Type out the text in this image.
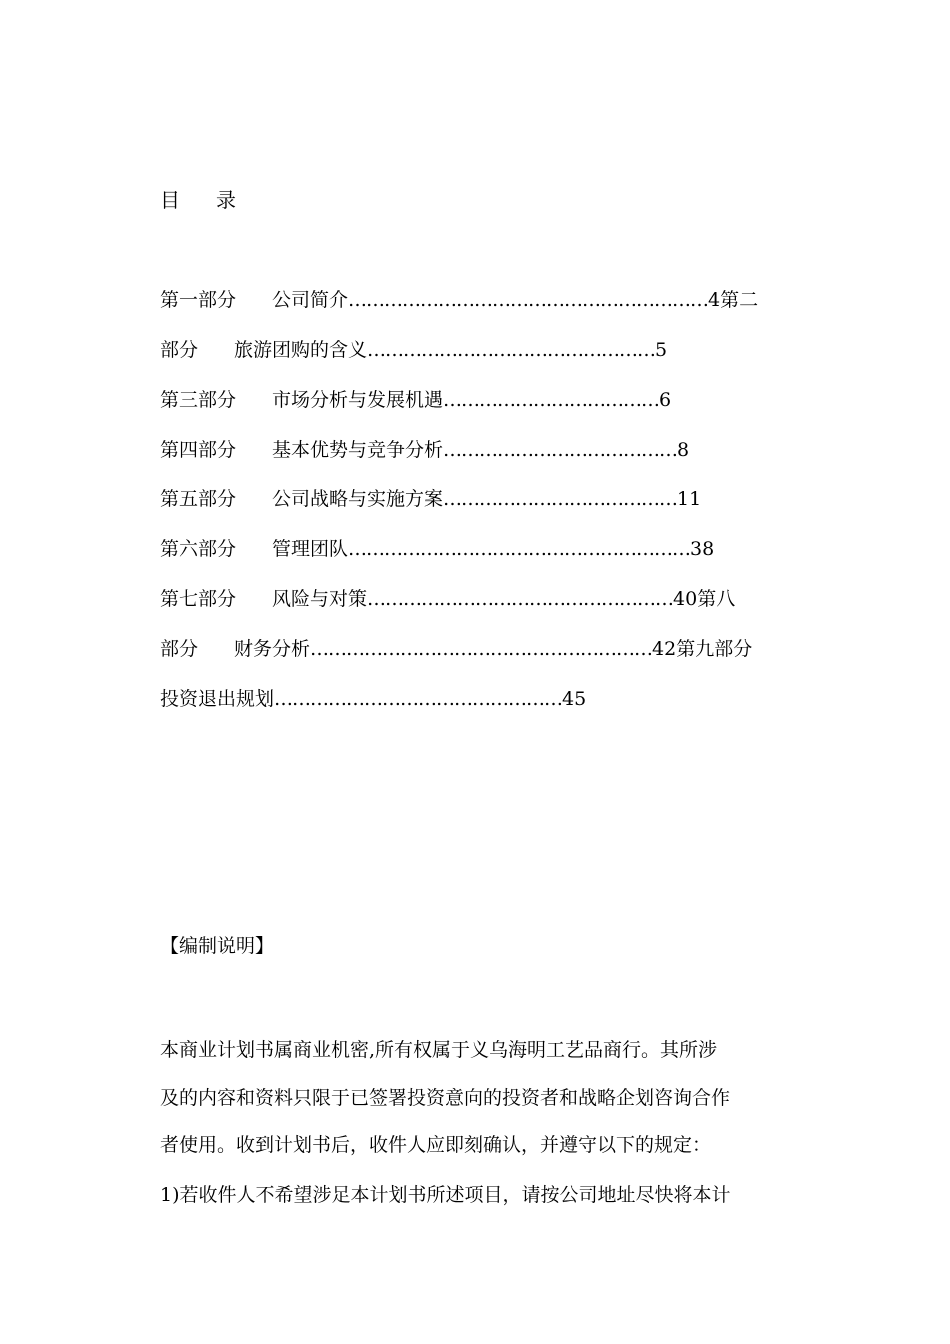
目 录
第一部分 公司简介……………………………………………………4第二
部分 旅游团购的含义…………………………………………5
第三部分 市场分析与发展机遇………………………………6
第四部分 基本优势与竞争分析…………………………………8
第五部分 公司战略与实施方案…………………………………11
第六部分 管理团队…………………………………………………38
第七部分 风险与对策……………………………………………40第八
部分 财务分析…………………………………………………42第九部分
投资退出规划…………………………………………45
【编制说明】
本商业计划书属商业机密,所有权属于义乌海明工艺品商行。其所涉
及的内容和资料只限于已签署投资意向的投资者和战略企划咨询合作
者使用。收到计划书后，收件人应即刻确认，并遵守以下的规定：
1)若收件人不希望涉足本计划书所述项目，请按公司地址尽快将本计
